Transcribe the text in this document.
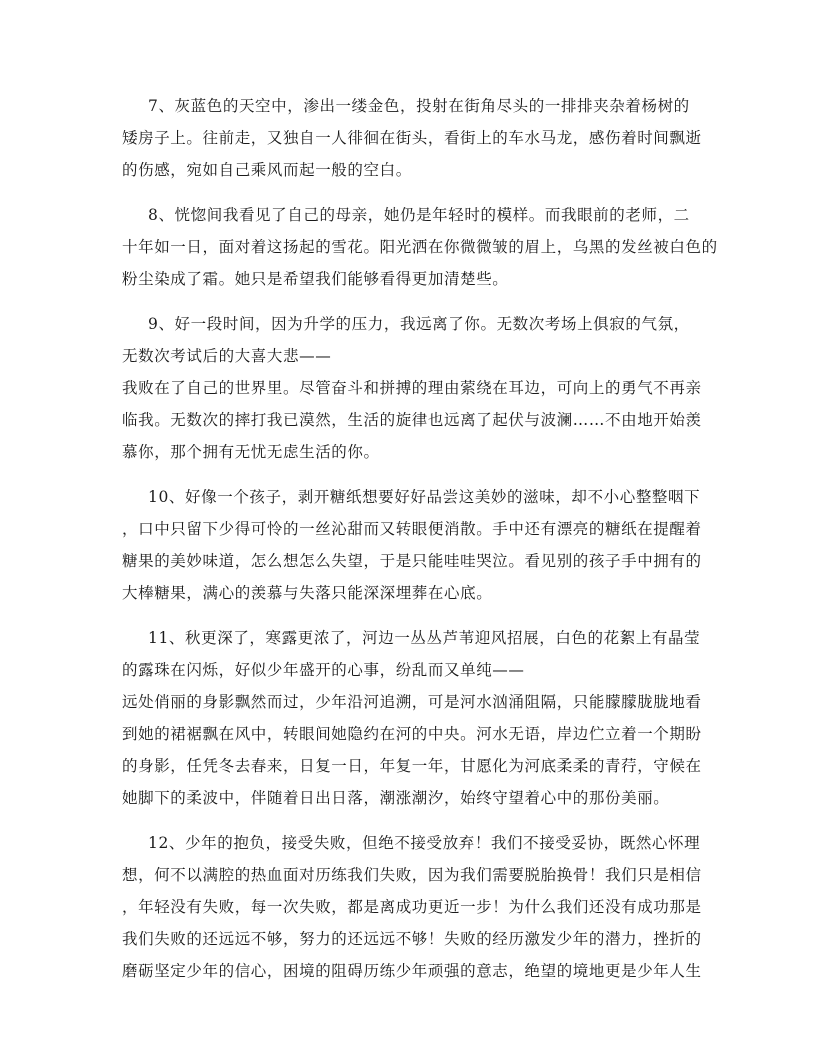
7、灰蓝色的天空中，渗出一缕金色，投射在街角尽头的一排排夹杂着杨树的
矮房子上。往前走，又独自一人徘徊在街头，看街上的车水马龙，感伤着时间飘逝
的伤感，宛如自己乘风而起一般的空白。
8、恍惚间我看见了自己的母亲，她仍是年轻时的模样。而我眼前的老师，二
十年如一日，面对着这扬起的雪花。阳光洒在你微微皱的眉上，乌黑的发丝被白色的
粉尘染成了霜。她只是希望我们能够看得更加清楚些。
9、好一段时间，因为升学的压力，我远离了你。无数次考场上俱寂的气氛，
无数次考试后的大喜大悲——
我败在了自己的世界里。尽管奋斗和拼搏的理由萦绕在耳边，可向上的勇气不再亲
临我。无数次的摔打我已漠然，生活的旋律也远离了起伏与波澜……不由地开始羡
慕你，那个拥有无忧无虑生活的你。
10、好像一个孩子，剥开糖纸想要好好品尝这美妙的滋味，却不小心整整咽下
，口中只留下少得可怜的一丝沁甜而又转眼便消散。手中还有漂亮的糖纸在提醒着
糖果的美妙味道，怎么想怎么失望，于是只能哇哇哭泣。看见别的孩子手中拥有的
大棒糖果，满心的羡慕与失落只能深深埋葬在心底。
11、秋更深了，寒露更浓了，河边一丛丛芦苇迎风招展，白色的花絮上有晶莹
的露珠在闪烁，好似少年盛开的心事，纷乱而又单纯——
远处俏丽的身影飘然而过，少年沿河追溯，可是河水汹涌阻隔，只能朦朦胧胧地看
到她的裙裾飘在风中，转眼间她隐约在河的中央。河水无语，岸边伫立着一个期盼
的身影，任凭冬去春来，日复一日，年复一年，甘愿化为河底柔柔的青荇，守候在
她脚下的柔波中，伴随着日出日落，潮涨潮汐，始终守望着心中的那份美丽。
12、少年的抱负，接受失败，但绝不接受放弃！我们不接受妥协，既然心怀理
想，何不以满腔的热血面对历练我们失败，因为我们需要脱胎换骨！我们只是相信
，年轻没有失败，每一次失败，都是离成功更近一步！为什么我们还没有成功那是
我们失败的还远远不够，努力的还远远不够！失败的经历激发少年的潜力，挫折的
磨砺坚定少年的信心，困境的阻碍历练少年顽强的意志，绝望的境地更是少年人生
